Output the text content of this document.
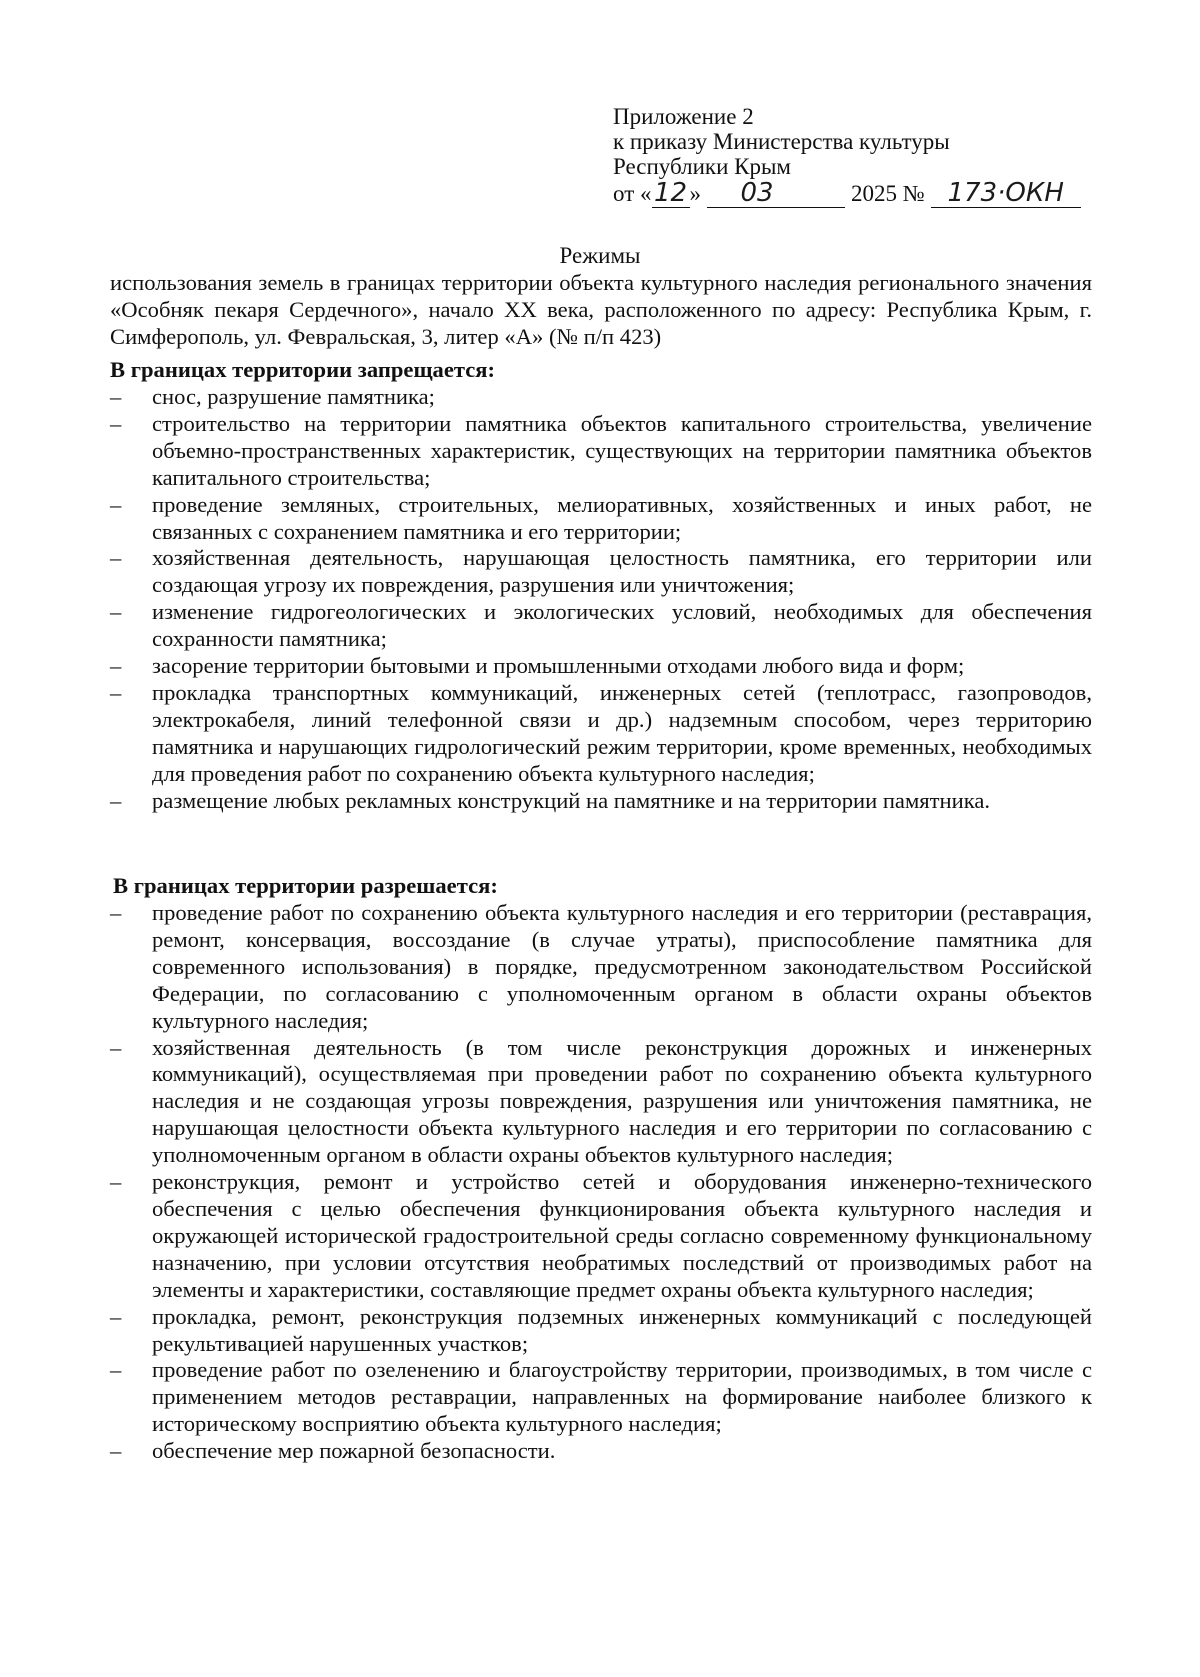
Приложение 2
к приказу Министерства культуры
Республики Крым
от « 12 »	03	2025 № 173·ОКН
Режимы
использования земель в границах территории объекта культурного наследия регионального значения «Особняк пекаря Сердечного», начало XX века, расположенного по адресу: Республика Крым, г. Симферополь, ул. Февральская, 3, литер «А» (№ п/п 423)
В границах территории запрещается:
–	снос, разрушение памятника;
–	строительство на территории памятника объектов капитального строительства, увеличение объемно-пространственных характеристик, существующих на территории памятника объектов капитального строительства;
–	проведение земляных, строительных, мелиоративных, хозяйственных и иных работ, не связанных с сохранением памятника и его территории;
–	хозяйственная деятельность, нарушающая целостность памятника, его территории или создающая угрозу их повреждения, разрушения или уничтожения;
–	изменение гидрогеологических и экологических условий, необходимых для обеспечения сохранности памятника;
–	засорение территории бытовыми и промышленными отходами любого вида и форм;
–	прокладка транспортных коммуникаций, инженерных сетей (теплотрасс, газопроводов, электрокабеля, линий телефонной связи и др.) надземным способом, через территорию памятника и нарушающих гидрологический режим территории, кроме временных, необходимых для проведения работ по сохранению объекта культурного наследия;
–	размещение любых рекламных конструкций на памятнике и на территории памятника.
В границах территории разрешается:
–	проведение работ по сохранению объекта культурного наследия и его территории (реставрация, ремонт, консервация, воссоздание (в случае утраты), приспособление памятника для современного использования) в порядке, предусмотренном законодательством Российской Федерации, по согласованию с уполномоченным органом в области охраны объектов культурного наследия;
–	хозяйственная деятельность (в том числе реконструкция дорожных и инженерных коммуникаций), осуществляемая при проведении работ по сохранению объекта культурного наследия и не создающая угрозы повреждения, разрушения или уничтожения памятника, не нарушающая целостности объекта культурного наследия и его территории по согласованию с уполномоченным органом в области охраны объектов культурного наследия;
–	реконструкция, ремонт и устройство сетей и оборудования инженерно-технического обеспечения с целью обеспечения функционирования объекта культурного наследия и окружающей исторической градостроительной среды согласно современному функциональному назначению, при условии отсутствия необратимых последствий от производимых работ на элементы и характеристики, составляющие предмет охраны объекта культурного наследия;
–	прокладка, ремонт, реконструкция подземных инженерных коммуникаций с последующей рекультивацией нарушенных участков;
–	проведение работ по озеленению и благоустройству территории, производимых, в том числе с применением методов реставрации, направленных на формирование наиболее близкого к историческому восприятию объекта культурного наследия;
–	обеспечение мер пожарной безопасности.
